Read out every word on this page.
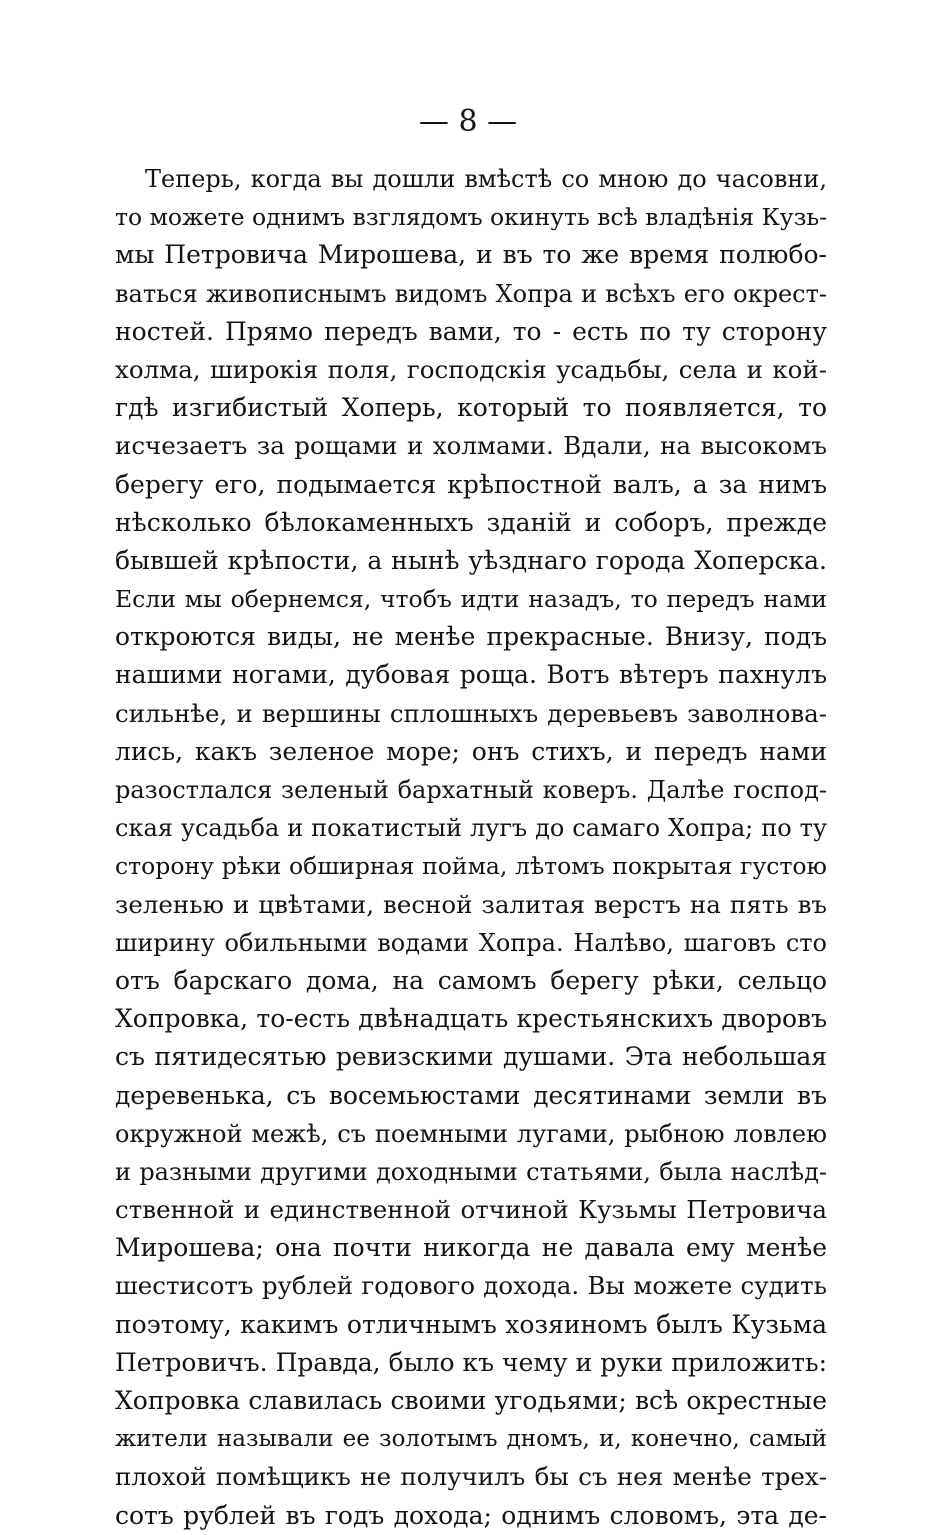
— 8 —
Теперь, когда вы дошли вмѣстѣ со мною до часовни,
то можете однимъ взглядомъ окинуть всѣ владѣнія Кузь-
мы Петровича Мирошева, и въ то же время полюбо-
ваться живописнымъ видомъ Хопра и всѣхъ его окрест-
ностей. Прямо передъ вами, то - есть по ту сторону
холма, широкія поля, господскія усадьбы, села и кой-
гдѣ изгибистый Хоперь, который то появляется, то
исчезаетъ за рощами и холмами. Вдали, на высокомъ
берегу его, подымается крѣпостной валъ, а за нимъ
нѣсколько бѣлокаменныхъ зданій и соборъ, прежде
бывшей крѣпости, а нынѣ уѣзднаго города Хоперска.
Если мы обернемся, чтобъ идти назадъ, то передъ нами
откроются виды, не менѣе прекрасные. Внизу, подъ
нашими ногами, дубовая роща. Вотъ вѣтеръ пахнулъ
сильнѣе, и вершины сплошныхъ деревьевъ заволнова-
лись, какъ зеленое море; онъ стихъ, и передъ нами
разостлался зеленый бархатный коверъ. Далѣе господ-
ская усадьба и покатистый лугъ до самаго Хопра; по ту
сторону рѣки обширная пойма, лѣтомъ покрытая густою
зеленью и цвѣтами, весной залитая верстъ на пять въ
ширину обильными водами Хопра. Налѣво, шаговъ сто
отъ барскаго дома, на самомъ берегу рѣки, сельцо
Хопровка, то-есть двѣнадцать крестьянскихъ дворовъ
съ пятидесятью ревизскими душами. Эта небольшая
деревенька, съ восемьюстами десятинами земли въ
окружной межѣ, съ поемными лугами, рыбною ловлею
и разными другими доходными статьями, была наслѣд-
ственной и единственной отчиной Кузьмы Петровича
Мирошева; она почти никогда не давала ему менѣе
шестисотъ рублей годового дохода. Вы можете судить
поэтому, какимъ отличнымъ хозяиномъ былъ Кузьма
Петровичъ. Правда, было къ чему и руки приложить:
Хопровка славилась своими угодьями; всѣ окрестные
жители называли ее золотымъ дномъ, и, конечно, самый
плохой помѣщикъ не получилъ бы съ нея менѣе трех-
сотъ рублей въ годъ дохода; однимъ словомъ, эта де-
